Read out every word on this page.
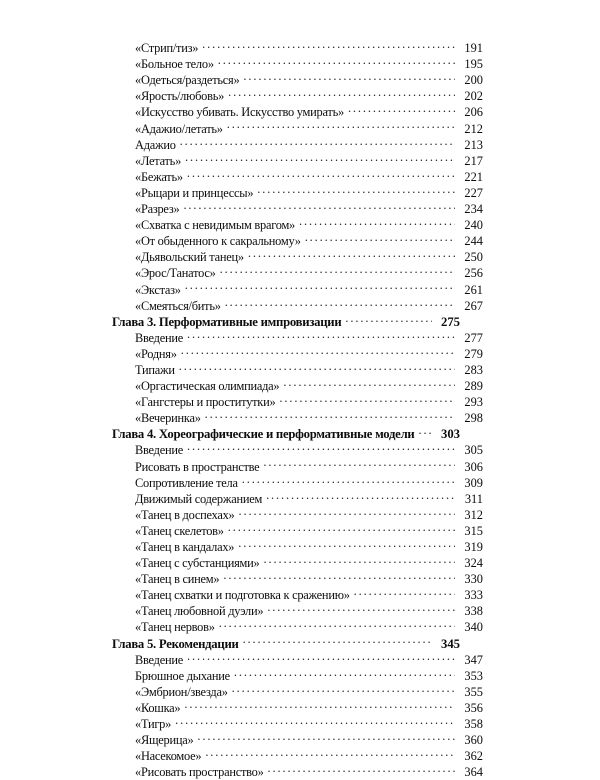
«Стрип/тиз» .....	191
«Больное тело» .....	195
«Одеться/раздеться» .....	200
«Ярость/любовь» .....	202
«Искусство убивать. Искусство умирать» .....	206
«Адажио/летать» .....	212
Адажио .....	213
«Летать» .....	217
«Бежать» .....	221
«Рыцари и принцессы» .....	227
«Разрез» .....	234
«Схватка с невидимым врагом» .....	240
«От обыденного к сакральному» .....	244
«Дьявольский танец» .....	250
«Эрос/Танатос» .....	256
«Экстаз» .....	261
«Смеяться/бить» .....	267
Глава 3. Перформативные импровизации .....	275
Введение .....	277
«Родня» .....	279
Типажи .....	283
«Оргастическая олимпиада» .....	289
«Гангстеры и проститутки» .....	293
«Вечеринка» .....	298
Глава 4. Хореографические и перформативные модели .....	303
Введение .....	305
Рисовать в пространстве .....	306
Сопротивление тела .....	309
Движимый содержанием .....	311
«Танец в доспехах» .....	312
«Танец скелетов» .....	315
«Танец в кандалах» .....	319
«Танец с субстанциями» .....	324
«Танец в синем» .....	330
«Танец схватки и подготовка к сражению» .....	333
«Танец любовной дуэли» .....	338
«Танец нервов» .....	340
Глава 5. Рекомендации .....	345
Введение .....	347
Брюшное дыхание .....	353
«Эмбрион/звезда» .....	355
«Кошка» .....	356
«Тигр» .....	358
«Ящерица» .....	360
«Насекомое» .....	362
«Рисовать пространство» .....	364
